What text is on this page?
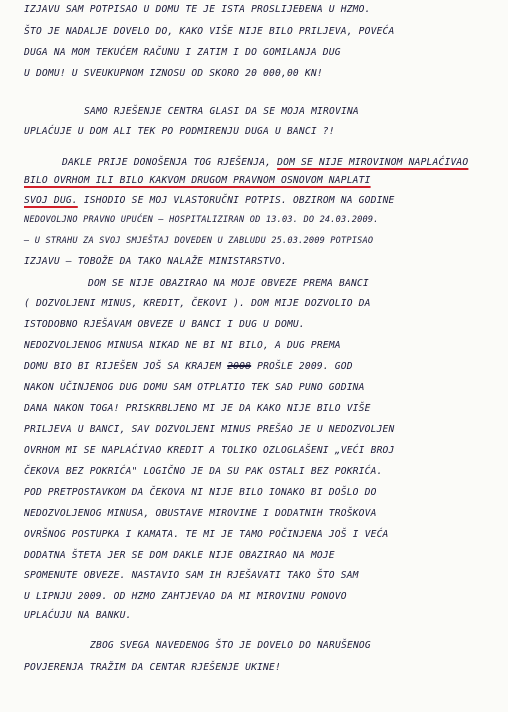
IZJAVU SAM POTPISAO U DOMU TE JE ISTA PROSLIJEĐENA U HZMO.
ŠTO JE NADALJE DOVELO DO, KAKO VIŠE NIJE BILO PRILJEVA, POVEĆA
DUGA NA MOM TEKUĆEM RAČUNU I ZATIM I DO GOMILANJA DUG
U DOMU! U SVEUKUPNOM IZNOSU OD SKORO 20 000,00 KN!
SAMO RJEŠENJE CENTRA GLASI DA SE MOJA MIROVINA
UPLAĆUJE U DOM ALI TEK PO PODMIRENJU DUGA U BANCI ?!
DAKLE PRIJE DONOŠENJA TOG RJEŠENJA, DOM SE NIJE MIROVINOM NAPLAĆIVAO
BILO OVRHOM ILI BILO KAKVOM DRUGOM PRAVNOM OSNOVOM NAPLATI
SVOJ DUG. ISHODIO SE MOJ VLASTORUČNI POTPIS. OBZIROM NA GODINE
NEDOVOLJNO PRAVNO UPUĆEN – HOSPITALIZIRAN OD 13.03. DO 24.03.2009.
– U STRAHU ZA SVOJ SMJEŠTAJ DOVEDEN U ZABLUDU 25.03.2009 POTPISAO
IZJAVU – TOBOŽE DA TAKO NALAŽE MINISTARSTVO.
DOM SE NIJE OBAZIRAO NA MOJE OBVEZE PREMA BANCI
( DOZVOLJENI MINUS, KREDIT, ČEKOVI ). DOM MIJE DOZVOLIO DA
ISTODOBNO RJEŠAVAM OBVEZE U BANCI I DUG U DOMU.
NEDOZVOLJENOG MINUSA NIKAD NE BI NI BILO, A DUG PREMA
DOMU BIO BI RIJEŠEN JOŠ SA KRAJEM 2008 PROŠLE 2009. GOD
NAKON UČINJENOG DUG DOMU SAM OTPLATIO TEK SAD PUNO GODINA
DANA NAKON TOGA! PRISKRBLJENO MI JE DA KAKO NIJE BILO VIŠE
PRILJEVA U BANCI, SAV DOZVOLJENI MINUS PREŠAO JE U NEDOZVOLJEN
OVRHOM MI SE NAPLAĆIVAO KREDIT A TOLIKO OZLOGLAŠENI „VEĆI BROJ
ČEKOVA BEZ POKRIĆA" LOGIČNO JE DA SU PAK OSTALI BEZ POKRIĆA.
POD PRETPOSTAVKOM DA ČEKOVA NI NIJE BILO IONAKO BI DOŠLO DO
NEDOZVOLJENOG MINUSA, OBUSTAVE MIROVINE I DODATNIH TROŠKOVA
OVRŠNOG POSTUPKA I KAMATA. TE MI JE TAMO POČINJENA JOŠ I VEĆA
DODATNA ŠTETA JER SE DOM DAKLE NIJE OBAZIRAO NA MOJE
SPOMENUTE OBVEZE. NASTAVIO SAM IH RJEŠAVATI TAKO ŠTO SAM
U LIPNJU 2009. OD HZMO ZAHTJEVAO DA MI MIROVINU PONOVO
UPLAĆUJU NA BANKU.
ZBOG SVEGA NAVEDENOG ŠTO JE DOVELO DO NARUŠENOG
POVJERENJA TRAŽIM DA CENTAR RJEŠENJE UKINE!
